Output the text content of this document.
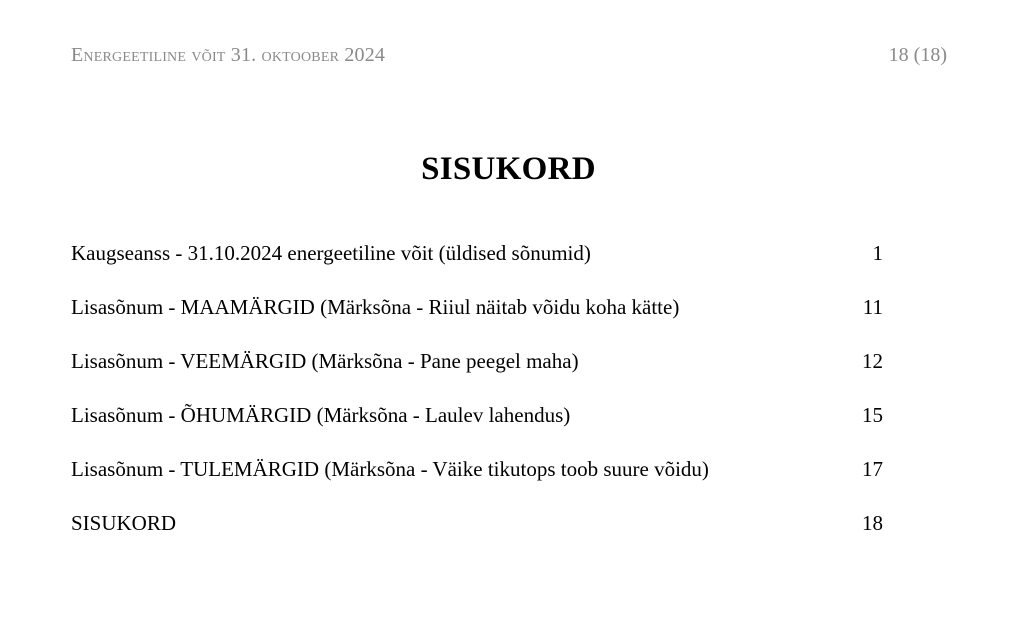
Energeetiline võit 31. oktoober 2024	18 (18)
SISUKORD
Kaugseanss - 31.10.2024 energeetiline võit (üldised sõnumid)	1
Lisasõnum - MAAMÄRGID (Märksõna - Riiul näitab võidu koha kätte)	11
Lisasõnum - VEEMÄRGID (Märksõna - Pane peegel maha)	12
Lisasõnum - ÕHUMÄRGID (Märksõna - Laulev lahendus)	15
Lisasõnum - TULEMÄRGID (Märksõna - Väike tikutops toob suure võidu)	17
SISUKORD	18
